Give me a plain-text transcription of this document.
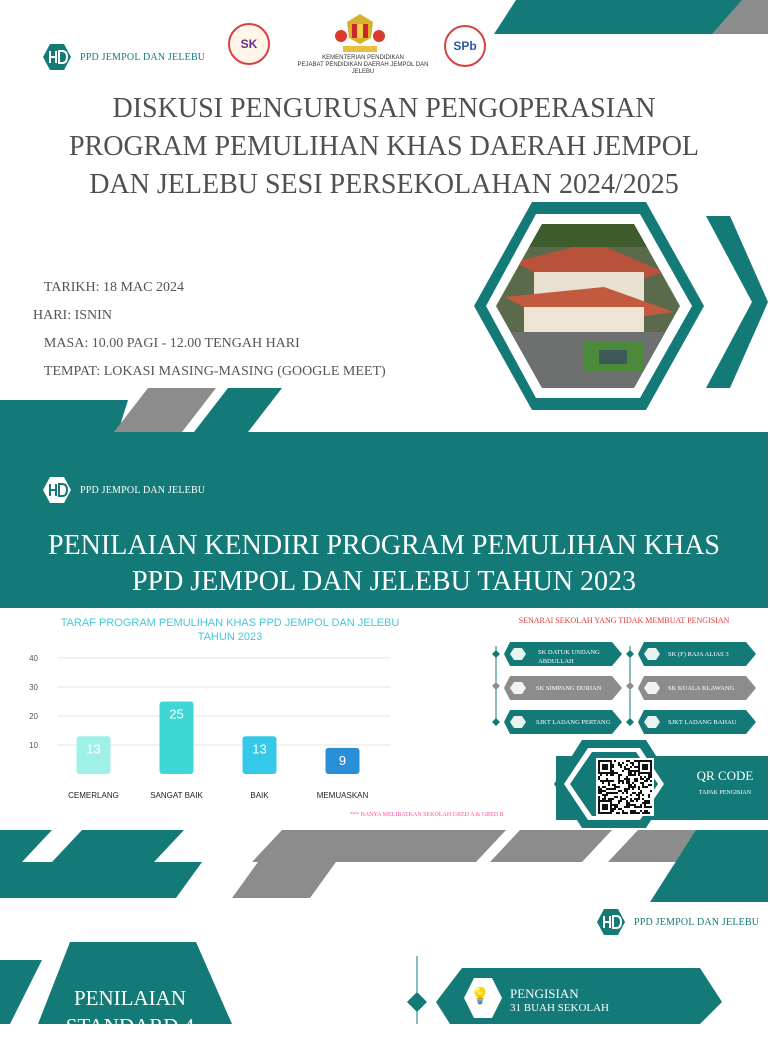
PPD JEMPOL DAN JELEBU
SK
KEMENTERIAN PENDIDIKAN
PEJABAT PENDIDIKAN DAERAH JEMPOL DAN JELEBU
SPb
DISKUSI PENGURUSAN PENGOPERASIAN
PROGRAM PEMULIHAN KHAS DAERAH JEMPOL
DAN JELEBU SESI PERSEKOLAHAN 2024/2025
TARIKH: 18 MAC 2024
HARI: ISNIN
MASA: 10.00 PAGI - 12.00 TENGAH HARI
TEMPAT: LOKASI MASING-MASING (GOOGLE MEET)
PPD JEMPOL DAN JELEBU
PENILAIAN KENDIRI PROGRAM PEMULIHAN KHAS
PPD JEMPOL DAN JELEBU TAHUN 2023
TARAF PROGRAM PEMULIHAN KHAS PPD JEMPOL DAN JELEBU
TAHUN 2023
10
20
30
40
13
CEMERLANG
25
SANGAT BAIK
13
BAIK
9
MEMUASKAN
SENARAI SEKOLAH YANG TIDAK MEMBUAT PENGISIAN
SK DATUK UNDANG ABDULLAH
SK SIMPANG DURIAN
SJKT LADANG PERTANG
SK (F) RAJA ALIAS 3
SK KUALA KLAWANG
SJKT LADANG BAHAU
QR CODE
TAPAK PENGISIAN
*** HANYA MELIBATKAN SEKOLAH GRED A & GRED B
PPD JEMPOL DAN JELEBU
PENILAIAN
STANDARD 4
💡 PENGISIAN
31 BUAH SEKOLAH
